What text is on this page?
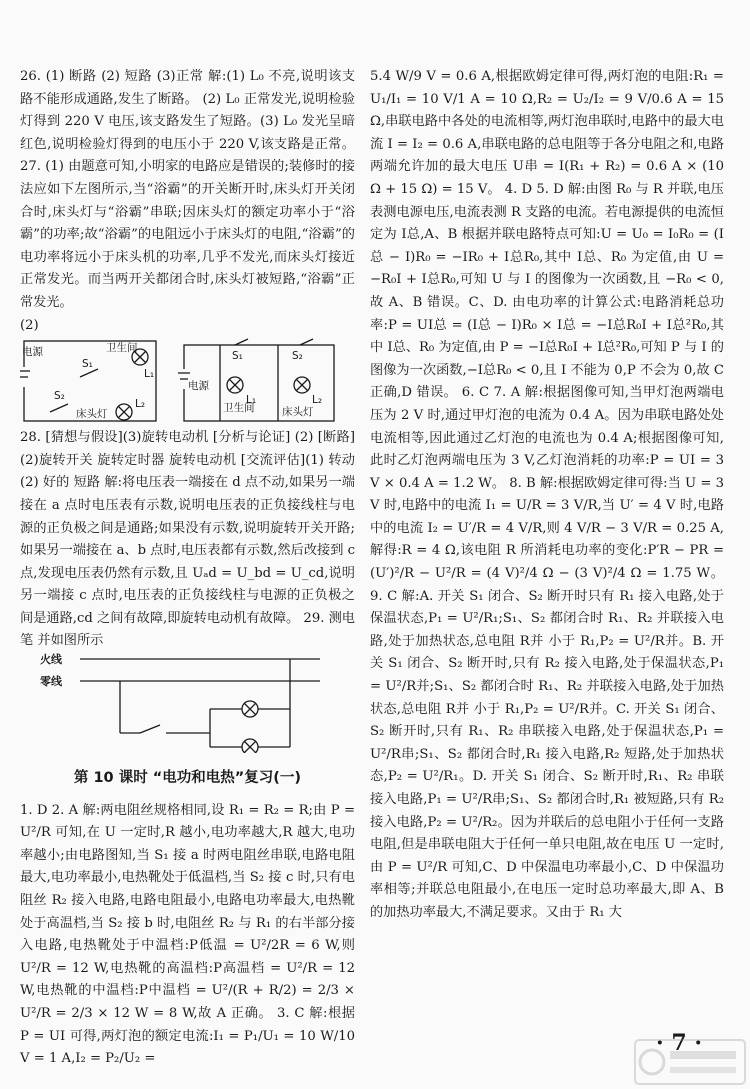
26. (1) 断路 (2) 短路 (3)正常 解:(1) L₀ 不亮,说明该支路不能形成通路,发生了断路。 (2) L₀ 正常发光,说明检验灯得到 220 V 电压,该支路发生了短路。(3) L₀ 发光呈暗红色,说明检验灯得到的电压小于 220 V,该支路是正常。 27. (1) 由题意可知,小明家的电路应是错误的;装修时的接法应如下左图所示,当“浴霸”的开关断开时,床头灯开关闭合时,床头灯与“浴霸”串联;因床头灯的额定功率小于“浴霸”的功率;故“浴霸”的电阻远小于床头灯的电阻,“浴霸”的电功率将远小于床头机的功率,几乎不发光,而床头灯接近正常发光。而当两开关都闭合时,床头灯被短路,“浴霸”正常发光。

(2)

电源
S₁
S₂
床头灯
L₂
卫生间
L₁
电源
S₁	S₂
卫生间
L₁
床头灯
L₂

28. [猜想与假设](3)旋转电动机 [分析与论证] (2) [断路] (2)旋转开关 旋转定时器 旋转电动机 [交流评估](1) 转动 (2) 好的 短路 解:将电压表一端接在 d 点不动,如果另一端接在 a 点时电压表有示数,说明电压表的正负接线柱与电源的正负极之间是通路;如果没有示数,说明旋转开关开路;如果另一端接在 a、b 点时,电压表都有示数,然后改接到 c 点,发现电压表仍然有示数,且 Uₐd = U_bd = U_cd,说明另一端接 c 点时,电压表的正负接线柱与电源的正负极之间是通路,cd 之间有故障,即旋转电动机有故障。 29. 测电笔 并如图所示

火线
零线
第 10 课时 “电功和电热”复习(一)

1. D 2. A 解:两电阻丝规格相同,设 R₁ = R₂ = R;由 P = U²/R 可知,在 U 一定时,R 越小,电功率越大,R 越大,电功率越小;由电路图知,当 S₁ 接 a 时两电阻丝串联,电路电阻最大,电功率最小,电热靴处于低温档,当 S₂ 接 c 时,只有电阻丝 R₂ 接入电路,电路电阻最小,电路电功率最大,电热靴处于高温档,当 S₂ 接 b 时,电阻丝 R₂ 与 R₁ 的右半部分接入电路,电热靴处于中温档:P低温 = U²/2R = 6 W,则 U²/R = 12 W,电热靴的高温档:P高温档 = U²/R = 12 W,电热靴的中温档:P中温档 = U²/(R + R/2) = 2/3 × U²/R = 2/3 × 12 W = 8 W,故 A 正确。 3. C 解:根据 P = UI 可得,两灯泡的额定电流:I₁ = P₁/U₁ = 10 W/10 V = 1 A,I₂ = P₂/U₂ =

5.4 W/9 V = 0.6 A,根据欧姆定律可得,两灯泡的电阻:R₁ = U₁/I₁ = 10 V/1 A = 10 Ω,R₂ = U₂/I₂ = 9 V/0.6 A = 15 Ω,串联电路中各处的电流相等,两灯泡串联时,电路中的最大电流 I = I₂ = 0.6 A,串联电路的总电阻等于各分电阻之和,电路两端允许加的最大电压 U串 = I(R₁ + R₂) = 0.6 A × (10 Ω + 15 Ω) = 15 V。 4. D 5. D 解:由图 R₀ 与 R 并联,电压表测电源电压,电流表测 R 支路的电流。若电源提供的电流恒定为 I总,A、B 根据并联电路特点可知:U = U₀ = I₀R₀ = (I总 − I)R₀ = −IR₀ + I总R₀,其中 I总、R₀ 为定值,由 U = −R₀I + I总R₀,可知 U 与 I 的图像为一次函数,且 −R₀ < 0,故 A、B 错误。C、D. 由电功率的计算公式:电路消耗总功率:P = UI总 = (I总 − I)R₀ × I总 = −I总R₀I + I总²R₀,其中 I总、R₀ 为定值,由 P = −I总R₀I + I总²R₀,可知 P 与 I 的图像为一次函数,−I总R₀ < 0,且 I 不能为 0,P 不会为 0,故 C 正确,D 错误。 6. C 7. A 解:根据图像可知,当甲灯泡两端电压为 2 V 时,通过甲灯泡的电流为 0.4 A。因为串联电路处处电流相等,因此通过乙灯泡的电流也为 0.4 A;根据图像可知,此时乙灯泡两端电压为 3 V,乙灯泡消耗的功率:P = UI = 3 V × 0.4 A = 1.2 W。 8. B 解:根据欧姆定律可得:当 U = 3 V 时,电路中的电流 I₁ = U/R = 3 V/R,当 U′ = 4 V 时,电路中的电流 I₂ = U′/R = 4 V/R,则 4 V/R − 3 V/R = 0.25 A,解得:R = 4 Ω,该电阻 R 所消耗电功率的变化:P′R − PR = (U′)²/R − U²/R = (4 V)²/4 Ω − (3 V)²/4 Ω = 1.75 W。 9. C 解:A. 开关 S₁ 闭合、S₂ 断开时只有 R₁ 接入电路,处于保温状态,P₁ = U²/R₁;S₁、S₂ 都闭合时 R₁、R₂ 并联接入电路,处于加热状态,总电阻 R并 小于 R₁,P₂ = U²/R并。B. 开关 S₁ 闭合、S₂ 断开时,只有 R₂ 接入电路,处于保温状态,P₁ = U²/R并;S₁、S₂ 都闭合时 R₁、R₂ 并联接入电路,处于加热状态,总电阻 R并 小于 R₁,P₂ = U²/R并。C. 开关 S₁ 闭合、S₂ 断开时,只有 R₁、R₂ 串联接入电路,处于保温状态,P₁ = U²/R串;S₁、S₂ 都闭合时,R₁ 接入电路,R₂ 短路,处于加热状态,P₂ = U²/R₁。D. 开关 S₁ 闭合、S₂ 断开时,R₁、R₂ 串联接入电路,P₁ = U²/R串;S₁、S₂ 都闭合时,R₁ 被短路,只有 R₂ 接入电路,P₂ = U²/R₂。因为并联后的总电阻小于任何一支路电阻,但是串联电阻大于任何一单只电阻,故在电压 U 一定时,由 P = U²/R 可知,C、D 中保温电功率最小,C、D 中保温功率相等;并联总电阻最小,在电压一定时总功率最大,即 A、B 的加热功率最大,不满足要求。又由于 R₁ 大

· 7 ·
